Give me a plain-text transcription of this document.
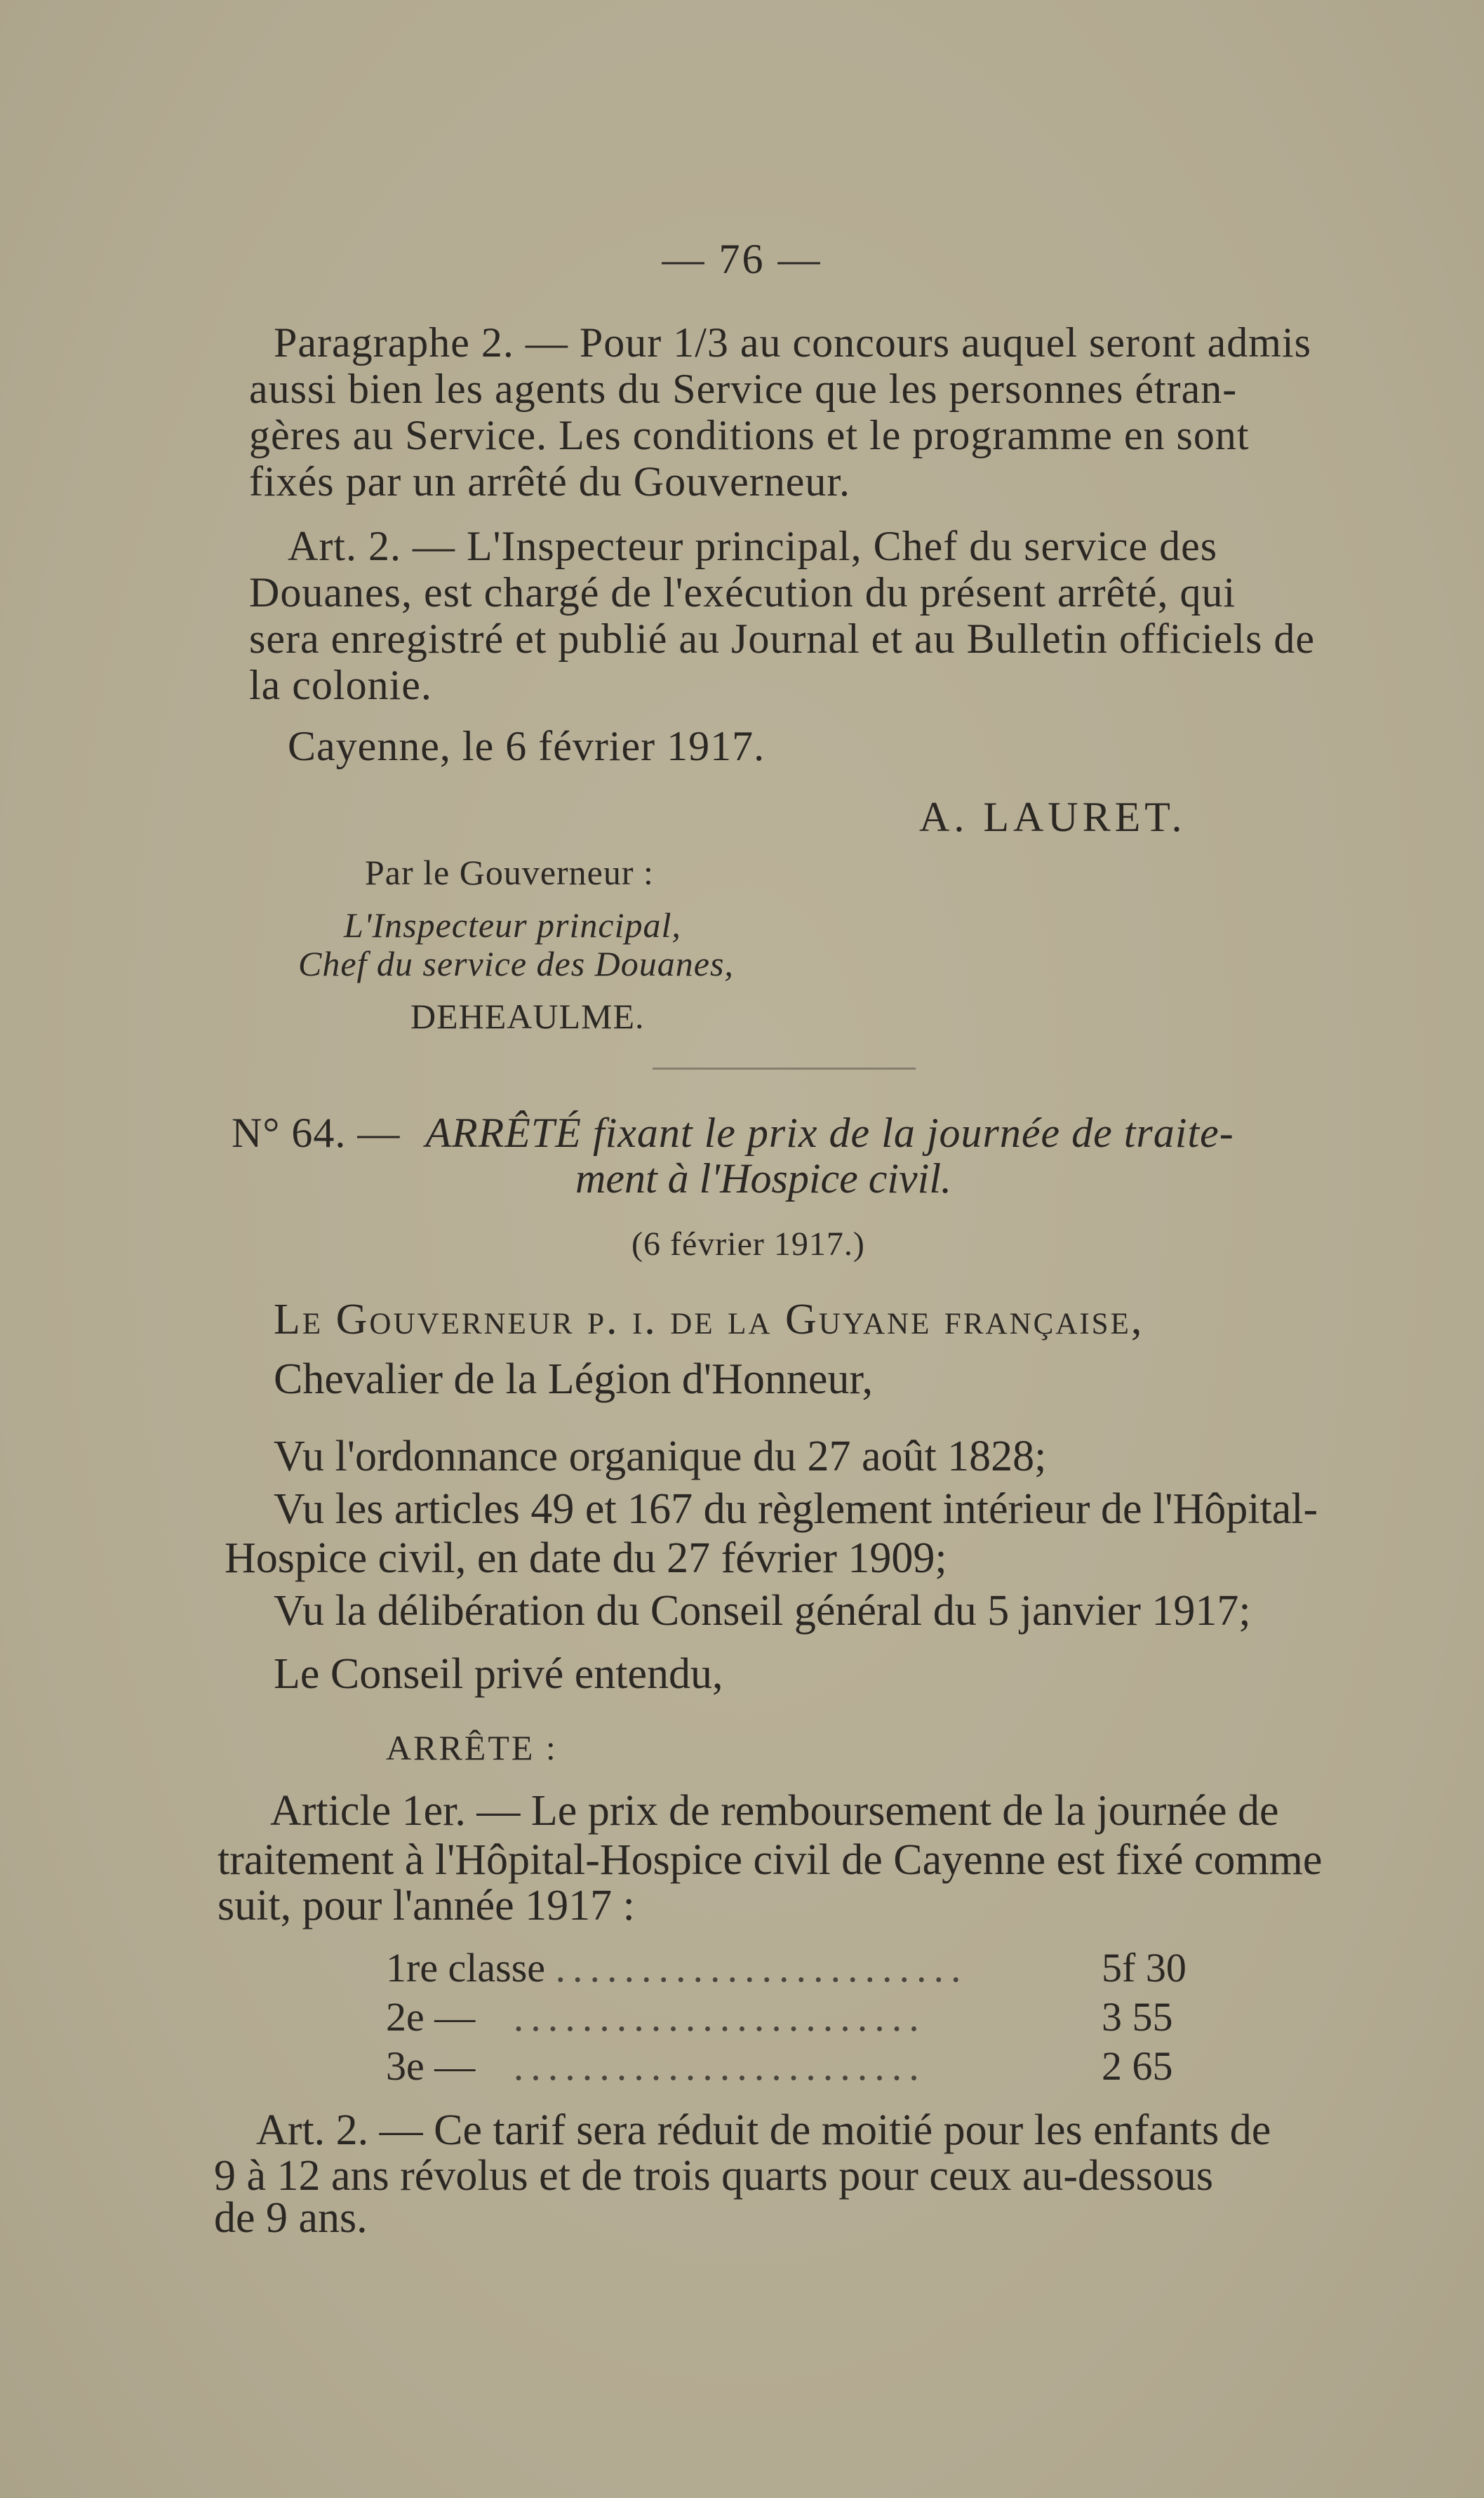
— 76 —
Paragraphe 2. — Pour 1/3 au concours auquel seront admis
aussi bien les agents du Service que les personnes étran-
gères au Service. Les conditions et le programme en sont
fixés par un arrêté du Gouverneur.
Art. 2. — L'Inspecteur principal, Chef du service des
Douanes, est chargé de l'exécution du présent arrêté, qui
sera enregistré et publié au Journal et au Bulletin officiels de
la colonie.
Cayenne, le 6 février 1917.
A. LAURET.
Par le Gouverneur :
L'Inspecteur principal,
Chef du service des Douanes,
DEHEAULME.
N° 64. — ARRÊTÉ fixant le prix de la journée de traite-
ment à l'Hospice civil.
(6 février 1917.)
Le Gouverneur p. i. de la Guyane française,
Chevalier de la Légion d'Honneur,
Vu l'ordonnance organique du 27 août 1828;
Vu les articles 49 et 167 du règlement intérieur de l'Hôpital-
Hospice civil, en date du 27 février 1909;
Vu la délibération du Conseil général du 5 janvier 1917;
Le Conseil privé entendu,
ARRÊTE :
Article 1er. — Le prix de remboursement de la journée de
traitement à l'Hôpital-Hospice civil de Cayenne est fixé comme
suit, pour l'année 1917 :
1re classe ........................	5f 30
2e — ........................	3 55
3e — ........................	2 65
Art. 2. — Ce tarif sera réduit de moitié pour les enfants de
9 à 12 ans révolus et de trois quarts pour ceux au-dessous
de 9 ans.
